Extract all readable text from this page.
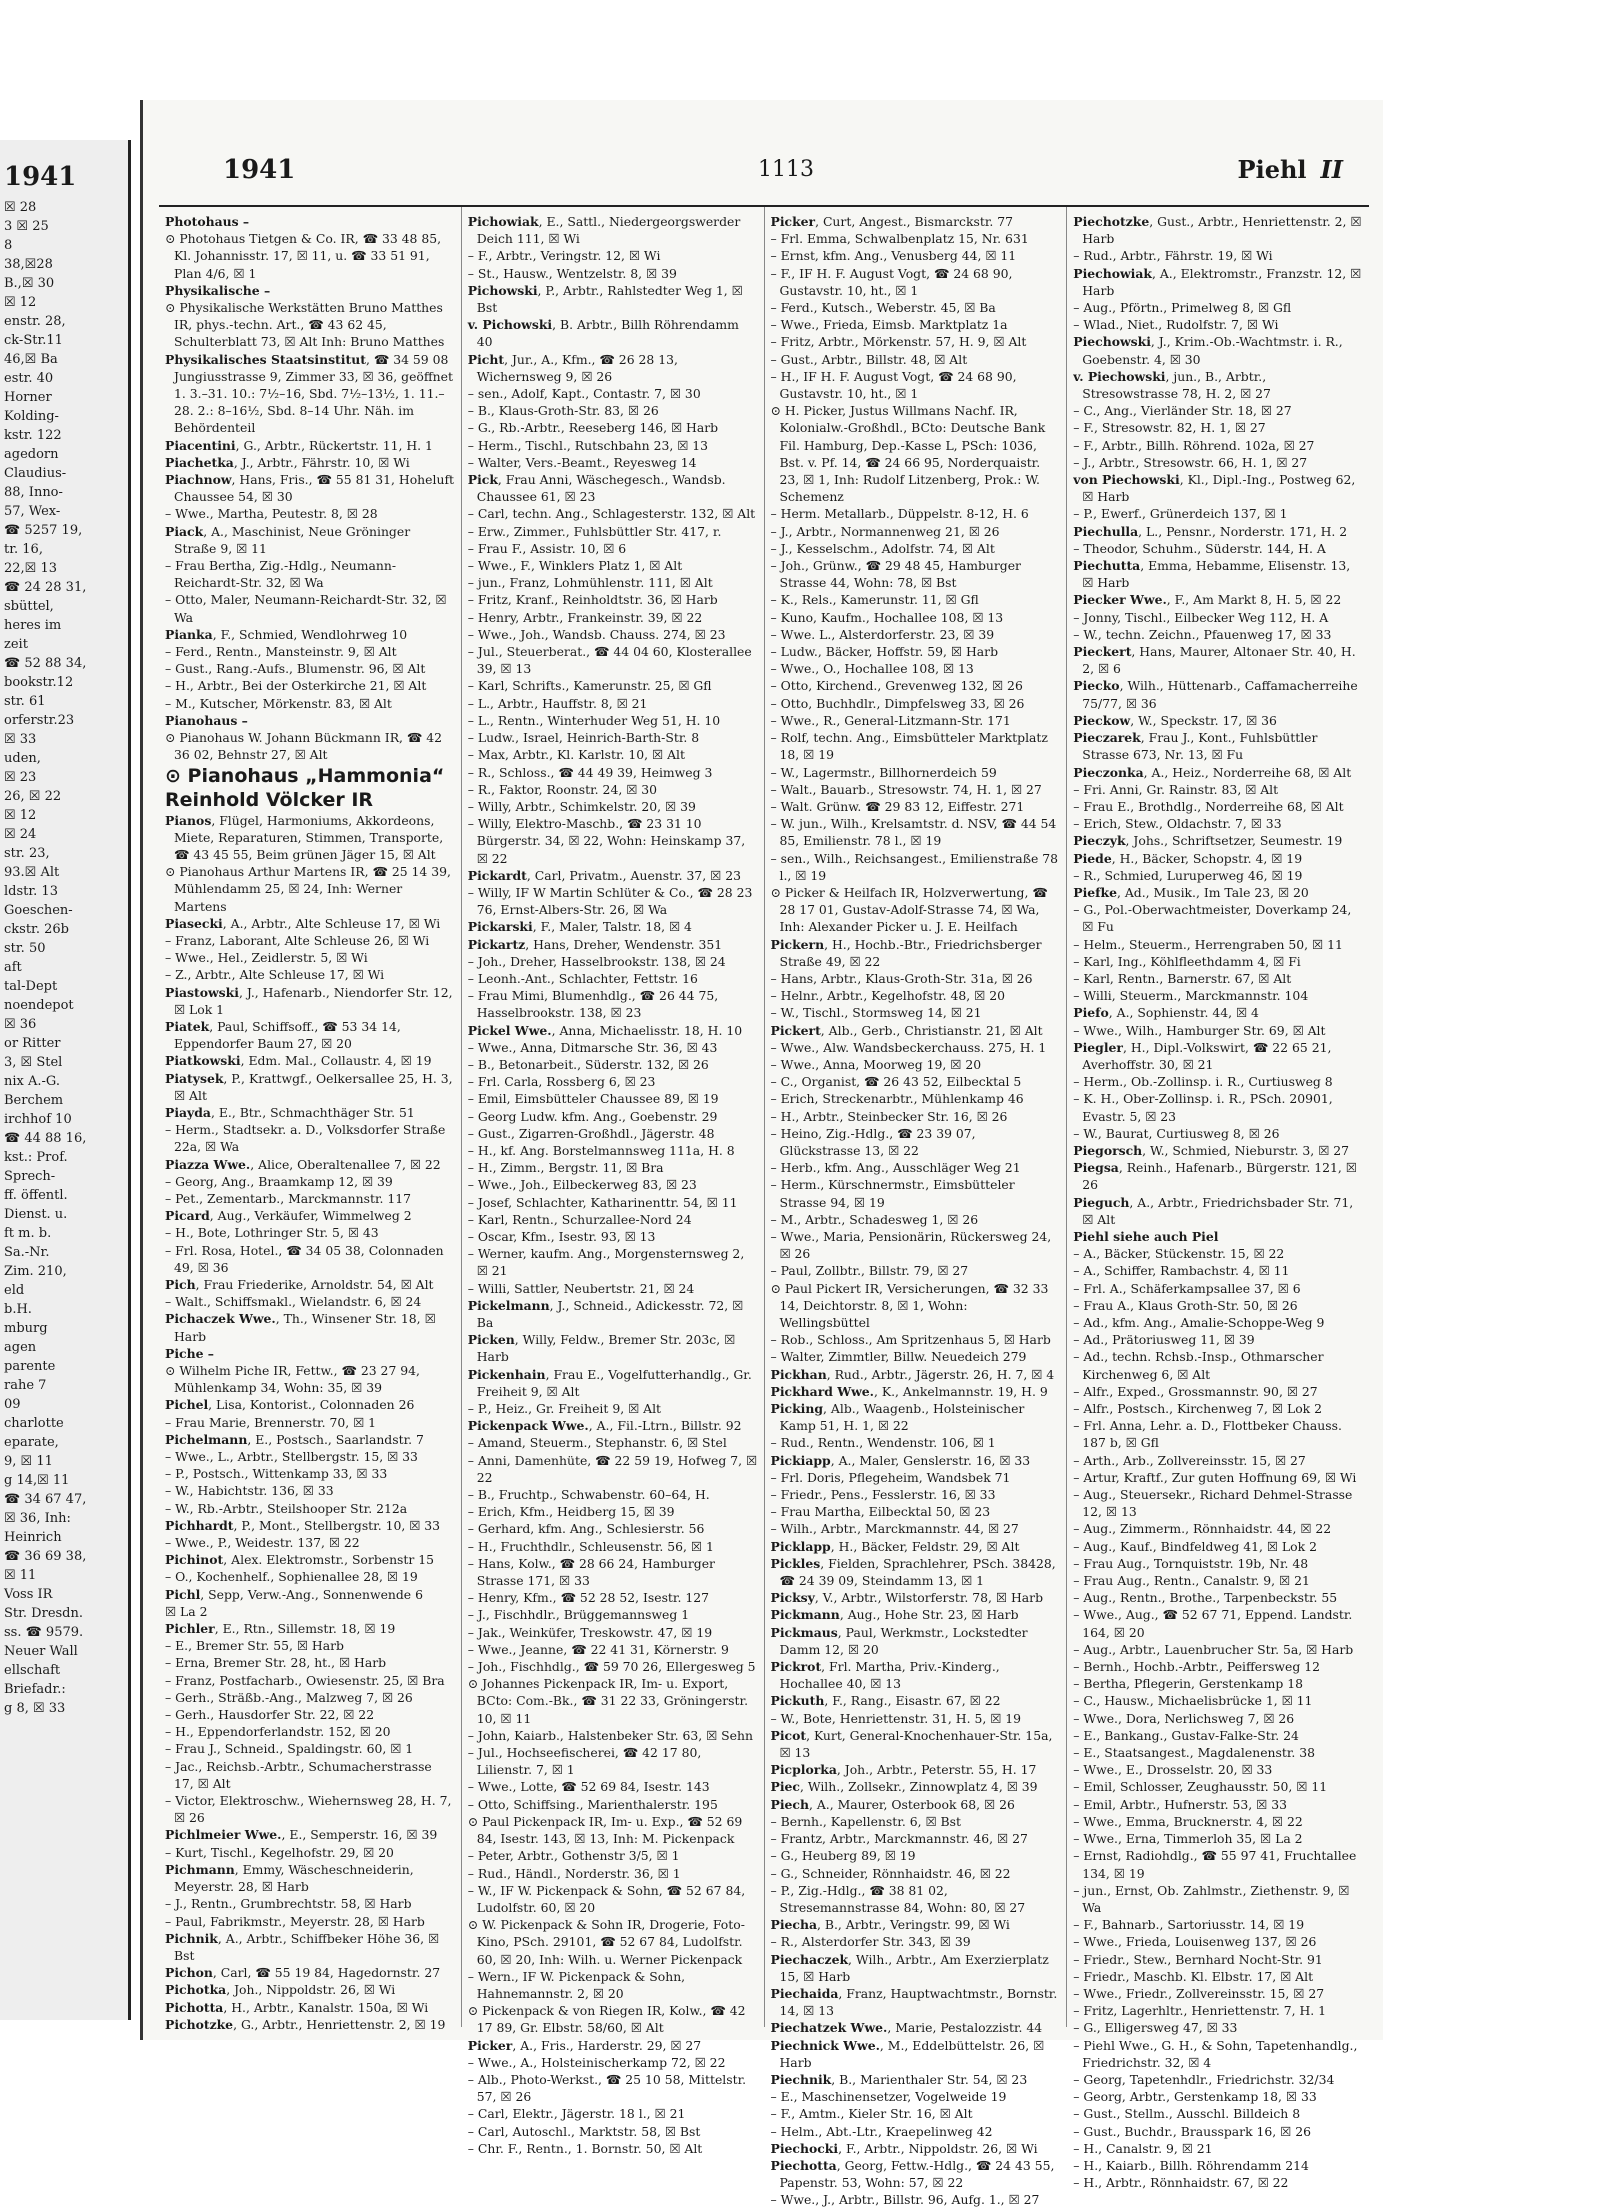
1941
☒ 28
3 ☒ 25
8
38,☒28
B.,☒ 30
☒ 12
enstr. 28,
ck-Str.11
46,☒ Ba
estr. 40
Horner
Kolding-
kstr. 122
agedorn
Claudius-
88, Inno-
57, Wex-
☎ 5257 19,
tr. 16,
22,☒ 13
☎ 24 28 31,
sbüttel,
heres im
zeit
☎ 52 88 34,
bookstr.12
str. 61
orferstr.23
☒ 33
uden,
☒ 23
26, ☒ 22
☒ 12
☒ 24
str. 23,
93.☒ Alt
ldstr. 13
Goeschen-
ckstr. 26b
str. 50
aft
tal-Dept
noendepot
☒ 36
or Ritter
3, ☒ Stel
nix A.-G.
Berchem
irchhof 10
☎ 44 88 16,
kst.: Prof.
Sprech-
ff. öffentl.
Dienst. u.
ft m. b.
Sa.-Nr.
Zim. 210,
eld
b.H.
mburg
agen
parente
rahe 7
09
charlotte
eparate,
9, ☒ 11
g 14,☒ 11
☎ 34 67 47,
☒ 36, Inh:
Heinrich
☎ 36 69 38,
☒ 11
Voss IR
Str. Dresdn.
ss. ☎ 9579.
Neuer Wall
ellschaft
Briefadr.:
g 8, ☒ 33
1941	1113	Piehl II
Photohaus –
⊙ Photohaus Tietgen & Co. IR, ☎ 33 48 85, Kl. Johannisstr. 17, ☒ 11, u. ☎ 33 51 91, Plan 4/6, ☒ 1
Physikalische –
⊙ Physikalische Werkstätten Bruno Matthes IR, phys.-techn. Art., ☎ 43 62 45, Schulterblatt 73, ☒ Alt Inh: Bruno Matthes
Physikalisches Staatsinstitut, ☎ 34 59 08 Jungiusstrasse 9, Zimmer 33, ☒ 36, geöffnet 1. 3.–31. 10.: 7½–16, Sbd. 7½–13½, 1. 11.–28. 2.: 8–16½, Sbd. 8–14 Uhr. Näh. im Behördenteil
Piacentini, G., Arbtr., Rückertstr. 11, H. 1
Piachetka, J., Arbtr., Fährstr. 10, ☒ Wi
Piachnow, Hans, Fris., ☎ 55 81 31, Hoheluft Chaussee 54, ☒ 30
– Wwe., Martha, Peutestr. 8, ☒ 28
Piack, A., Maschinist, Neue Gröninger Straße 9, ☒ 11
– Frau Bertha, Zig.-Hdlg., Neumann-Reichardt-Str. 32, ☒ Wa
– Otto, Maler, Neumann-Reichardt-Str. 32, ☒ Wa
Pianka, F., Schmied, Wendlohrweg 10
– Ferd., Rentn., Mansteinstr. 9, ☒ Alt
– Gust., Rang.-Aufs., Blumenstr. 96, ☒ Alt
– H., Arbtr., Bei der Osterkirche 21, ☒ Alt
– M., Kutscher, Mörkenstr. 83, ☒ Alt
Pianohaus –
⊙ Pianohaus W. Johann Bückmann IR, ☎ 42 36 02, Behnstr 27, ☒ Alt
⊙ Pianohaus „Hammonia“
Reinhold Völcker IR
Pianos, Flügel, Harmoniums, Akkordeons, Miete, Reparaturen, Stimmen, Transporte, ☎ 43 45 55, Beim grünen Jäger 15, ☒ Alt
⊙ Pianohaus Arthur Martens IR, ☎ 25 14 39, Mühlendamm 25, ☒ 24, Inh: Werner Martens
Piasecki, A., Arbtr., Alte Schleuse 17, ☒ Wi
– Franz, Laborant, Alte Schleuse 26, ☒ Wi
– Wwe., Hel., Zeidlerstr. 5, ☒ Wi
– Z., Arbtr., Alte Schleuse 17, ☒ Wi
Piastowski, J., Hafenarb., Niendorfer Str. 12, ☒ Lok 1
Piatek, Paul, Schiffsoff., ☎ 53 34 14, Eppendorfer Baum 27, ☒ 20
Piatkowski, Edm. Mal., Collaustr. 4, ☒ 19
Piatysek, P., Krattwgf., Oelkersallee 25, H. 3, ☒ Alt
Piayda, E., Btr., Schmachthäger Str. 51
– Herm., Stadtsekr. a. D., Volksdorfer Straße 22a, ☒ Wa
Piazza Wwe., Alice, Oberaltenallee 7, ☒ 22
– Georg, Ang., Braamkamp 12, ☒ 39
– Pet., Zementarb., Marckmannstr. 117
Picard, Aug., Verkäufer, Wimmelweg 2
– H., Bote, Lothringer Str. 5, ☒ 43
– Frl. Rosa, Hotel., ☎ 34 05 38, Colonnaden 49, ☒ 36
Pich, Frau Friederike, Arnoldstr. 54, ☒ Alt
– Walt., Schiffsmakl., Wielandstr. 6, ☒ 24
Pichaczek Wwe., Th., Winsener Str. 18, ☒ Harb
Piche –
⊙ Wilhelm Piche IR, Fettw., ☎ 23 27 94, Mühlenkamp 34, Wohn: 35, ☒ 39
Pichel, Lisa, Kontorist., Colonnaden 26
– Frau Marie, Brennerstr. 70, ☒ 1
Pichelmann, E., Postsch., Saarlandstr. 7
– Wwe., L., Arbtr., Stellbergstr. 15, ☒ 33
– P., Postsch., Wittenkamp 33, ☒ 33
– W., Habichtstr. 136, ☒ 33
– W., Rb.-Arbtr., Steilshooper Str. 212a
Pichhardt, P., Mont., Stellbergstr. 10, ☒ 33
– Wwe., P., Weidestr. 137, ☒ 22
Pichinot, Alex. Elektromstr., Sorbenstr 15
– O., Kochenhelf., Sophienallee 28, ☒ 19
Pichl, Sepp, Verw.-Ang., Sonnenwende 6
☒ La 2
Pichler, E., Rtn., Sillemstr. 18, ☒ 19
– E., Bremer Str. 55, ☒ Harb
– Erna, Bremer Str. 28, ht., ☒ Harb
– Franz, Postfacharb., Owiesenstr. 25, ☒ Bra
– Gerh., Sträßb.-Ang., Malzweg 7, ☒ 26
– Gerh., Hausdorfer Str. 22, ☒ 22
– H., Eppendorferlandstr. 152, ☒ 20
– Frau J., Schneid., Spaldingstr. 60, ☒ 1
– Jac., Reichsb.-Arbtr., Schumacherstrasse 17, ☒ Alt
– Victor, Elektroschw., Wiehernsweg 28, H. 7, ☒ 26
Pichlmeier Wwe., E., Semperstr. 16, ☒ 39
– Kurt, Tischl., Kegelhofstr. 29, ☒ 20
Pichmann, Emmy, Wäscheschneiderin, Meyerstr. 28, ☒ Harb
– J., Rentn., Grumbrechtstr. 58, ☒ Harb
– Paul, Fabrikmstr., Meyerstr. 28, ☒ Harb
Pichnik, A., Arbtr., Schiffbeker Höhe 36, ☒ Bst
Pichon, Carl, ☎ 55 19 84, Hagedornstr. 27
Pichotka, Joh., Nippoldstr. 26, ☒ Wi
Pichotta, H., Arbtr., Kanalstr. 150a, ☒ Wi
Pichotzke, G., Arbtr., Henriettenstr. 2, ☒ 19
Pichowiak, E., Sattl., Niedergeorgswerder Deich 111, ☒ Wi
– F., Arbtr., Veringstr. 12, ☒ Wi
– St., Hausw., Wentzelstr. 8, ☒ 39
Pichowski, P., Arbtr., Rahlstedter Weg 1, ☒ Bst
v. Pichowski, B. Arbtr., Billh Röhrendamm 40
Picht, Jur., A., Kfm., ☎ 26 28 13, Wichernsweg 9, ☒ 26
– sen., Adolf, Kapt., Contastr. 7, ☒ 30
– B., Klaus-Groth-Str. 83, ☒ 26
– G., Rb.-Arbtr., Reeseberg 146, ☒ Harb
– Herm., Tischl., Rutschbahn 23, ☒ 13
– Walter, Vers.-Beamt., Reyesweg 14
Pick, Frau Anni, Wäschegesch., Wandsb. Chaussee 61, ☒ 23
– Carl, techn. Ang., Schlagesterstr. 132, ☒ Alt
– Erw., Zimmer., Fuhlsbüttler Str. 417, r.
– Frau F., Assistr. 10, ☒ 6
– Wwe., F., Winklers Platz 1, ☒ Alt
– jun., Franz, Lohmühlenstr. 111, ☒ Alt
– Fritz, Kranf., Reinholdtstr. 36, ☒ Harb
– Henry, Arbtr., Frankeinstr. 39, ☒ 22
– Wwe., Joh., Wandsb. Chauss. 274, ☒ 23
– Jul., Steuerberat., ☎ 44 04 60, Klosterallee 39, ☒ 13
– Karl, Schrifts., Kamerunstr. 25, ☒ Gfl
– L., Arbtr., Hauffstr. 8, ☒ 21
– L., Rentn., Winterhuder Weg 51, H. 10
– Ludw., Israel, Heinrich-Barth-Str. 8
– Max, Arbtr., Kl. Karlstr. 10, ☒ Alt
– R., Schloss., ☎ 44 49 39, Heimweg 3
– R., Faktor, Roonstr. 24, ☒ 30
– Willy, Arbtr., Schimkelstr. 20, ☒ 39
– Willy, Elektro-Maschb., ☎ 23 31 10 Bürgerstr. 34, ☒ 22, Wohn: Heinskamp 37, ☒ 22
Pickardt, Carl, Privatm., Auenstr. 37, ☒ 23
– Willy, IF W Martin Schlüter & Co., ☎ 28 23 76, Ernst-Albers-Str. 26, ☒ Wa
Pickarski, F., Maler, Talstr. 18, ☒ 4
Pickartz, Hans, Dreher, Wendenstr. 351
– Joh., Dreher, Hasselbrookstr. 138, ☒ 24
– Leonh.-Ant., Schlachter, Fettstr. 16
– Frau Mimi, Blumenhdlg., ☎ 26 44 75, Hasselbrookstr. 138, ☒ 23
Pickel Wwe., Anna, Michaelisstr. 18, H. 10
– Wwe., Anna, Ditmarsche Str. 36, ☒ 43
– B., Betonarbeit., Süderstr. 132, ☒ 26
– Frl. Carla, Rossberg 6, ☒ 23
– Emil, Eimsbütteler Chaussee 89, ☒ 19
– Georg Ludw. kfm. Ang., Goebenstr. 29
– Gust., Zigarren-Großhdl., Jägerstr. 48
– H., kf. Ang. Borstelmannsweg 111a, H. 8
– H., Zimm., Bergstr. 11, ☒ Bra
– Wwe., Joh., Eilbeckerweg 83, ☒ 23
– Josef, Schlachter, Katharinenttr. 54, ☒ 11
– Karl, Rentn., Schurzallee-Nord 24
– Oscar, Kfm., Isestr. 93, ☒ 13
– Werner, kaufm. Ang., Morgensternsweg 2, ☒ 21
– Willi, Sattler, Neubertstr. 21, ☒ 24
Pickelmann, J., Schneid., Adickesstr. 72, ☒ Ba
Picken, Willy, Feldw., Bremer Str. 203c, ☒ Harb
Pickenhain, Frau E., Vogelfutterhandlg., Gr. Freiheit 9, ☒ Alt
– P., Heiz., Gr. Freiheit 9, ☒ Alt
Pickenpack Wwe., A., Fil.-Ltrn., Billstr. 92
– Amand, Steuerm., Stephanstr. 6, ☒ Stel
– Anni, Damenhüte, ☎ 22 59 19, Hofweg 7, ☒ 22
– B., Fruchtp., Schwabenstr. 60–64, H.
– Erich, Kfm., Heidberg 15, ☒ 39
– Gerhard, kfm. Ang., Schlesierstr. 56
– H., Fruchthdlr., Schleusenstr. 56, ☒ 1
– Hans, Kolw., ☎ 28 66 24, Hamburger Strasse 171, ☒ 33
– Henry, Kfm., ☎ 52 28 52, Isestr. 127
– J., Fischhdlr., Brüggemannsweg 1
– Jak., Weinküfer, Treskowstr. 47, ☒ 19
– Wwe., Jeanne, ☎ 22 41 31, Körnerstr. 9
– Joh., Fischhdlg., ☎ 59 70 26, Ellergesweg 5
⊙ Johannes Pickenpack IR, Im- u. Export, BCto: Com.-Bk., ☎ 31 22 33, Gröningerstr. 10, ☒ 11
– John, Kaiarb., Halstenbeker Str. 63, ☒ Sehn
– Jul., Hochseefischerei, ☎ 42 17 80, Lilienstr. 7, ☒ 1
– Wwe., Lotte, ☎ 52 69 84, Isestr. 143
– Otto, Schiffsing., Marienthalerstr. 195
⊙ Paul Pickenpack IR, Im- u. Exp., ☎ 52 69 84, Isestr. 143, ☒ 13, Inh: M. Pickenpack
– Peter, Arbtr., Gothenstr 3/5, ☒ 1
– Rud., Händl., Norderstr. 36, ☒ 1
– W., IF W. Pickenpack & Sohn, ☎ 52 67 84, Ludolfstr. 60, ☒ 20
⊙ W. Pickenpack & Sohn IR, Drogerie, Foto-Kino, PSch. 29101, ☎ 52 67 84, Ludolfstr. 60, ☒ 20, Inh: Wilh. u. Werner Pickenpack
– Wern., IF W. Pickenpack & Sohn, Hahnemannstr. 2, ☒ 20
⊙ Pickenpack & von Riegen IR, Kolw., ☎ 42 17 89, Gr. Elbstr. 58/60, ☒ Alt
Picker, A., Fris., Harderstr. 29, ☒ 27
– Wwe., A., Holsteinischerkamp 72, ☒ 22
– Alb., Photo-Werkst., ☎ 25 10 58, Mittelstr. 57, ☒ 26
– Carl, Elektr., Jägerstr. 18 l., ☒ 21
– Carl, Autoschl., Marktstr. 58, ☒ Bst
– Chr. F., Rentn., 1. Bornstr. 50, ☒ Alt
Picker, Curt, Angest., Bismarckstr. 77
– Frl. Emma, Schwalbenplatz 15, Nr. 631
– Ernst, kfm. Ang., Venusberg 44, ☒ 11
– F., IF H. F. August Vogt, ☎ 24 68 90, Gustavstr. 10, ht., ☒ 1
– Ferd., Kutsch., Weberstr. 45, ☒ Ba
– Wwe., Frieda, Eimsb. Marktplatz 1a
– Fritz, Arbtr., Mörkenstr. 57, H. 9, ☒ Alt
– Gust., Arbtr., Billstr. 48, ☒ Alt
– H., IF H. F. August Vogt, ☎ 24 68 90, Gustavstr. 10, ht., ☒ 1
⊙ H. Picker, Justus Willmans Nachf. IR, Kolonialw.-Großhdl., BCto: Deutsche Bank Fil. Hamburg, Dep.-Kasse L, PSch: 1036, Bst. v. Pf. 14, ☎ 24 66 95, Norderquaistr. 23, ☒ 1, Inh: Rudolf Litzenberg, Prok.: W. Schemenz
– Herm. Metallarb., Düppelstr. 8-12, H. 6
– J., Arbtr., Normannenweg 21, ☒ 26
– J., Kesselschm., Adolfstr. 74, ☒ Alt
– Joh., Grünw., ☎ 29 48 45, Hamburger Strasse 44, Wohn: 78, ☒ Bst
– K., Rels., Kamerunstr. 11, ☒ Gfl
– Kuno, Kaufm., Hochallee 108, ☒ 13
– Wwe. L., Alsterdorferstr. 23, ☒ 39
– Ludw., Bäcker, Hoffstr. 59, ☒ Harb
– Wwe., O., Hochallee 108, ☒ 13
– Otto, Kirchend., Grevenweg 132, ☒ 26
– Otto, Buchhdlr., Dimpfelsweg 33, ☒ 26
– Wwe., R., General-Litzmann-Str. 171
– Rolf, techn. Ang., Eimsbütteler Marktplatz 18, ☒ 19
– W., Lagermstr., Billhornerdeich 59
– Walt., Bauarb., Stresowstr. 74, H. 1, ☒ 27
– Walt. Grünw. ☎ 29 83 12, Eiffestr. 271
– W. jun., Wilh., Krelsamtstr. d. NSV, ☎ 44 54 85, Emilienstr. 78 l., ☒ 19
– sen., Wilh., Reichsangest., Emilienstraße 78 l., ☒ 19
⊙ Picker & Heilfach IR, Holzverwertung, ☎ 28 17 01, Gustav-Adolf-Strasse 74, ☒ Wa, Inh: Alexander Picker u. J. E. Heilfach
Pickern, H., Hochb.-Btr., Friedrichsberger Straße 49, ☒ 22
– Hans, Arbtr., Klaus-Groth-Str. 31a, ☒ 26
– Helnr., Arbtr., Kegelhofstr. 48, ☒ 20
– W., Tischl., Stormsweg 14, ☒ 21
Pickert, Alb., Gerb., Christianstr. 21, ☒ Alt
– Wwe., Alw. Wandsbeckerchauss. 275, H. 1
– Wwe., Anna, Moorweg 19, ☒ 20
– C., Organist, ☎ 26 43 52, Eilbecktal 5
– Erich, Streckenarbtr., Mühlenkamp 46
– H., Arbtr., Steinbecker Str. 16, ☒ 26
– Heino, Zig.-Hdlg., ☎ 23 39 07, Glückstrasse 13, ☒ 22
– Herb., kfm. Ang., Ausschläger Weg 21
– Herm., Kürschnermstr., Eimsbütteler Strasse 94, ☒ 19
– M., Arbtr., Schadesweg 1, ☒ 26
– Wwe., Maria, Pensionärin, Rückersweg 24, ☒ 26
– Paul, Zollbtr., Billstr. 79, ☒ 27
⊙ Paul Pickert IR, Versicherungen, ☎ 32 33 14, Deichtorstr. 8, ☒ 1, Wohn: Wellingsbüttel
– Rob., Schloss., Am Spritzenhaus 5, ☒ Harb
– Walter, Zimmtler, Billw. Neuedeich 279
Pickhan, Rud., Arbtr., Jägerstr. 26, H. 7, ☒ 4
Pickhard Wwe., K., Ankelmannstr. 19, H. 9
Picking, Alb., Waagenb., Holsteinischer Kamp 51, H. 1, ☒ 22
– Rud., Rentn., Wendenstr. 106, ☒ 1
Pickiapp, A., Maler, Genslerstr. 16, ☒ 33
– Frl. Doris, Pflegeheim, Wandsbek 71
– Friedr., Pens., Fesslerstr. 16, ☒ 33
– Frau Martha, Eilbecktal 50, ☒ 23
– Wilh., Arbtr., Marckmannstr. 44, ☒ 27
Picklapp, H., Bäcker, Feldstr. 29, ☒ Alt
Pickles, Fielden, Sprachlehrer, PSch. 38428, ☎ 24 39 09, Steindamm 13, ☒ 1
Picksy, V., Arbtr., Wilstorferstr. 78, ☒ Harb
Pickmann, Aug., Hohe Str. 23, ☒ Harb
Pickmaus, Paul, Werkmstr., Lockstedter Damm 12, ☒ 20
Pickrot, Frl. Martha, Priv.-Kinderg., Hochallee 40, ☒ 13
Pickuth, F., Rang., Eisastr. 67, ☒ 22
– W., Bote, Henriettenstr. 31, H. 5, ☒ 19
Picot, Kurt, General-Knochenhauer-Str. 15a, ☒ 13
Picplorka, Joh., Arbtr., Peterstr. 55, H. 17
Piec, Wilh., Zollsekr., Zinnowplatz 4, ☒ 39
Piech, A., Maurer, Osterbook 68, ☒ 26
– Bernh., Kapellenstr. 6, ☒ Bst
– Frantz, Arbtr., Marckmannstr. 46, ☒ 27
– G., Heuberg 89, ☒ 19
– G., Schneider, Rönnhaidstr. 46, ☒ 22
– P., Zig.-Hdlg., ☎ 38 81 02, Stresemannstrasse 84, Wohn: 80, ☒ 27
Piecha, B., Arbtr., Veringstr. 99, ☒ Wi
– R., Alsterdorfer Str. 343, ☒ 39
Piechaczek, Wilh., Arbtr., Am Exerzierplatz 15, ☒ Harb
Piechaida, Franz, Hauptwachtmstr., Bornstr. 14, ☒ 13
Piechatzek Wwe., Marie, Pestalozzistr. 44
Piechnick Wwe., M., Eddelbüttelstr. 26, ☒ Harb
Piechnik, B., Marienthaler Str. 54, ☒ 23
– E., Maschinensetzer, Vogelweide 19
– F., Amtm., Kieler Str. 16, ☒ Alt
– Helm., Abt.-Ltr., Kraepelinweg 42
Piechocki, F., Arbtr., Nippoldstr. 26, ☒ Wi
Piechotta, Georg, Fettw.-Hdlg., ☎ 24 43 55, Papenstr. 53, Wohn: 57, ☒ 22
– Wwe., J., Arbtr., Billstr. 96, Aufg. 1., ☒ 27
Piechotzke, Gust., Arbtr., Henriettenstr. 2, ☒ Harb
– Rud., Arbtr., Fährstr. 19, ☒ Wi
Piechowiak, A., Elektromstr., Franzstr. 12, ☒ Harb
– Aug., Pförtn., Primelweg 8, ☒ Gfl
– Wlad., Niet., Rudolfstr. 7, ☒ Wi
Piechowski, J., Krim.-Ob.-Wachtmstr. i. R., Goebenstr. 4, ☒ 30
v. Piechowski, jun., B., Arbtr., Stresowstrasse 78, H. 2, ☒ 27
– C., Ang., Vierländer Str. 18, ☒ 27
– F., Stresowstr. 82, H. 1, ☒ 27
– F., Arbtr., Billh. Röhrend. 102a, ☒ 27
– J., Arbtr., Stresowstr. 66, H. 1, ☒ 27
von Piechowski, Kl., Dipl.-Ing., Postweg 62, ☒ Harb
– P., Ewerf., Grünerdeich 137, ☒ 1
Piechulla, L., Pensnr., Norderstr. 171, H. 2
– Theodor, Schuhm., Süderstr. 144, H. A
Piechutta, Emma, Hebamme, Elisenstr. 13, ☒ Harb
Piecker Wwe., F., Am Markt 8, H. 5, ☒ 22
– Jonny, Tischl., Eilbecker Weg 112, H. A
– W., techn. Zeichn., Pfauenweg 17, ☒ 33
Pieckert, Hans, Maurer, Altonaer Str. 40, H. 2, ☒ 6
Piecko, Wilh., Hüttenarb., Caffamacherreihe 75/77, ☒ 36
Pieckow, W., Speckstr. 17, ☒ 36
Pieczarek, Frau J., Kont., Fuhlsbüttler Strasse 673, Nr. 13, ☒ Fu
Pieczonka, A., Heiz., Norderreihe 68, ☒ Alt
– Fri. Anni, Gr. Rainstr. 83, ☒ Alt
– Frau E., Brothdlg., Norderreihe 68, ☒ Alt
– Erich, Stew., Oldachstr. 7, ☒ 33
Pieczyk, Johs., Schriftsetzer, Seumestr. 19
Piede, H., Bäcker, Schopstr. 4, ☒ 19
– R., Schmied, Luruperweg 46, ☒ 19
Piefke, Ad., Musik., Im Tale 23, ☒ 20
– G., Pol.-Oberwachtmeister, Doverkamp 24, ☒ Fu
– Helm., Steuerm., Herrengraben 50, ☒ 11
– Karl, Ing., Köhlfleethdamm 4, ☒ Fi
– Karl, Rentn., Barnerstr. 67, ☒ Alt
– Willi, Steuerm., Marckmannstr. 104
Piefo, A., Sophienstr. 44, ☒ 4
– Wwe., Wilh., Hamburger Str. 69, ☒ Alt
Piegler, H., Dipl.-Volkswirt, ☎ 22 65 21, Averhoffstr. 30, ☒ 21
– Herm., Ob.-Zollinsp. i. R., Curtiusweg 8
– K. H., Ober-Zollinsp. i. R., PSch. 20901, Evastr. 5, ☒ 23
– W., Baurat, Curtiusweg 8, ☒ 26
Piegorsch, W., Schmied, Nieburstr. 3, ☒ 27
Piegsa, Reinh., Hafenarb., Bürgerstr. 121, ☒ 26
Pieguch, A., Arbtr., Friedrichsbader Str. 71, ☒ Alt
Piehl siehe auch Piel
– A., Bäcker, Stückenstr. 15, ☒ 22
– A., Schiffer, Rambachstr. 4, ☒ 11
– Frl. A., Schäferkampsallee 37, ☒ 6
– Frau A., Klaus Groth-Str. 50, ☒ 26
– Ad., kfm. Ang., Amalie-Schoppe-Weg 9
– Ad., Prätoriusweg 11, ☒ 39
– Ad., techn. Rchsb.-Insp., Othmarscher Kirchenweg 6, ☒ Alt
– Alfr., Exped., Grossmannstr. 90, ☒ 27
– Alfr., Postsch., Kirchenweg 7, ☒ Lok 2
– Frl. Anna, Lehr. a. D., Flottbeker Chauss. 187 b, ☒ Gfl
– Arth., Arb., Zollvereinsstr. 15, ☒ 27
– Artur, Kraftf., Zur guten Hoffnung 69, ☒ Wi
– Aug., Steuersekr., Richard Dehmel-Strasse 12, ☒ 13
– Aug., Zimmerm., Rönnhaidstr. 44, ☒ 22
– Aug., Kauf., Bindfeldweg 41, ☒ Lok 2
– Frau Aug., Tornquiststr. 19b, Nr. 48
– Frau Aug., Rentn., Canalstr. 9, ☒ 21
– Aug., Rentn., Brothe., Tarpenbeckstr. 55
– Wwe., Aug., ☎ 52 67 71, Eppend. Landstr. 164, ☒ 20
– Aug., Arbtr., Lauenbrucher Str. 5a, ☒ Harb
– Bernh., Hochb.-Arbtr., Peiffersweg 12
– Bertha, Pflegerin, Gerstenkamp 18
– C., Hausw., Michaelisbrücke 1, ☒ 11
– Wwe., Dora, Nerlichsweg 7, ☒ 26
– E., Bankang., Gustav-Falke-Str. 24
– E., Staatsangest., Magdalenenstr. 38
– Wwe., E., Drosselstr. 20, ☒ 33
– Emil, Schlosser, Zeughausstr. 50, ☒ 11
– Emil, Arbtr., Hufnerstr. 53, ☒ 33
– Wwe., Emma, Brucknerstr. 4, ☒ 22
– Wwe., Erna, Timmerloh 35, ☒ La 2
– Ernst, Radiohdlg., ☎ 55 97 41, Fruchtallee 134, ☒ 19
– jun., Ernst, Ob. Zahlmstr., Ziethenstr. 9, ☒ Wa
– F., Bahnarb., Sartoriusstr. 14, ☒ 19
– Wwe., Frieda, Louisenweg 137, ☒ 26
– Friedr., Stew., Bernhard Nocht-Str. 91
– Friedr., Maschb. Kl. Elbstr. 17, ☒ Alt
– Wwe., Friedr., Zollvereinsstr. 15, ☒ 27
– Fritz, Lagerhltr., Henriettenstr. 7, H. 1
– G., Elligersweg 47, ☒ 33
– Piehl Wwe., G. H., & Sohn, Tapetenhandlg., Friedrichstr. 32, ☒ 4
– Georg, Tapetenhdlr., Friedrichstr. 32/34
– Georg, Arbtr., Gerstenkamp 18, ☒ 33
– Gust., Stellm., Ausschl. Billdeich 8
– Gust., Buchdr., Brausspark 16, ☒ 26
– H., Canalstr. 9, ☒ 21
– H., Kaiarb., Billh. Röhrendamm 214
– H., Arbtr., Rönnhaidstr. 67, ☒ 22
